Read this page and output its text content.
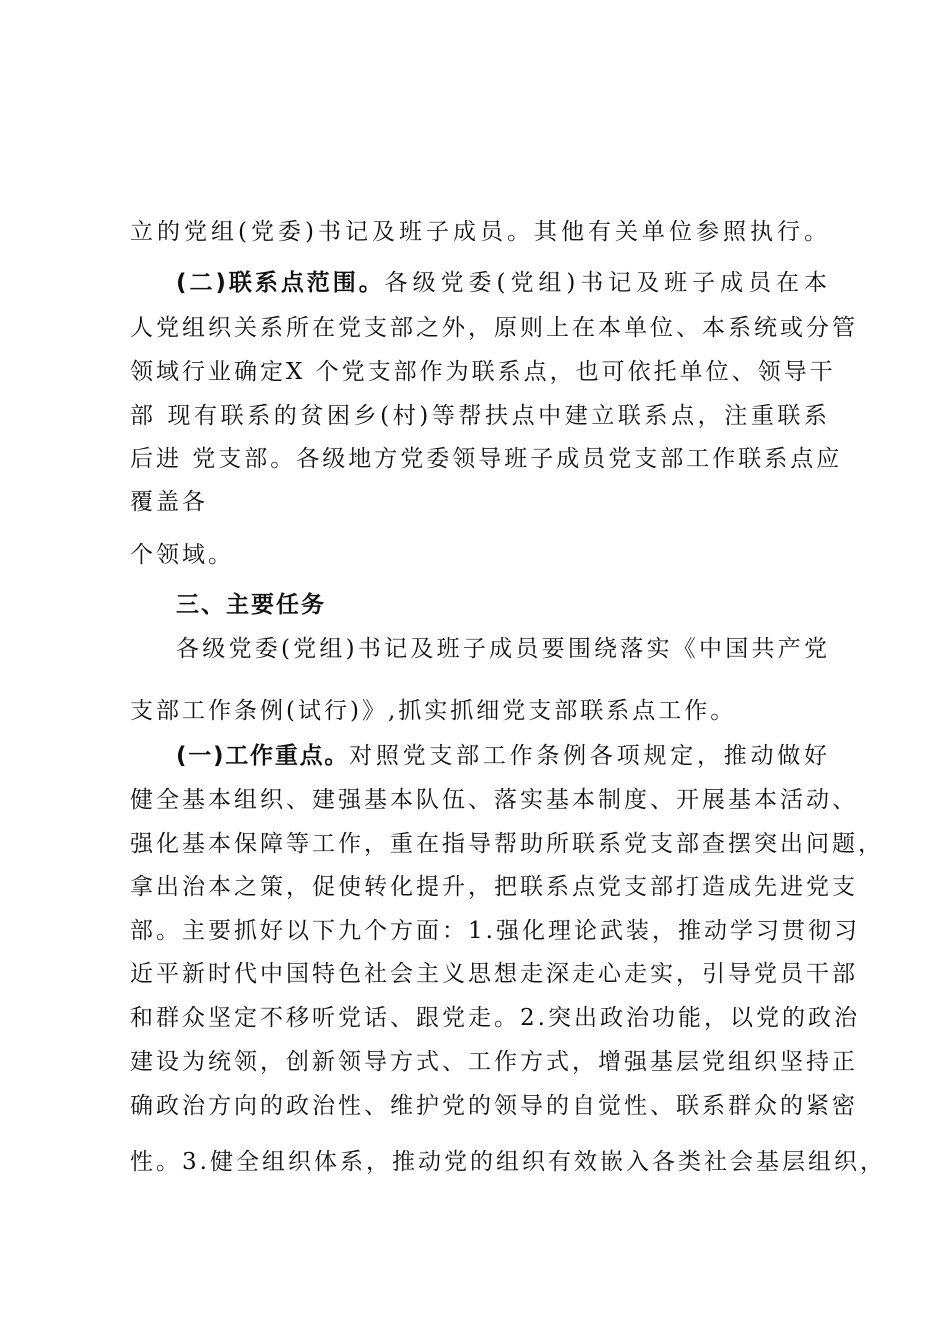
立的党组(党委)书记及班子成员。其他有关单位参照执行。
(二)联系点范围。各级党委(党组)书记及班子成员在本
人党组织关系所在党支部之外，原则上在本单位、本系统或分管
领域行业确定X 个党支部作为联系点，也可依托单位、领导干
部 现有联系的贫困乡(村)等帮扶点中建立联系点，注重联系
后进 党支部。各级地方党委领导班子成员党支部工作联系点应
覆盖各
个领域。
三、主要任务
各级党委(党组)书记及班子成员要围绕落实《中国共产党
支部工作条例(试行)》,抓实抓细党支部联系点工作。
(一)工作重点。对照党支部工作条例各项规定，推动做好
健全基本组织、建强基本队伍、落实基本制度、开展基本活动、
强化基本保障等工作，重在指导帮助所联系党支部查摆突出问题，
拿出治本之策，促使转化提升，把联系点党支部打造成先进党支
部。主要抓好以下九个方面：1.强化理论武装，推动学习贯彻习
近平新时代中国特色社会主义思想走深走心走实，引导党员干部
和群众坚定不移听党话、跟党走。2.突出政治功能，以党的政治
建设为统领，创新领导方式、工作方式，增强基层党组织坚持正
确政治方向的政治性、维护党的领导的自觉性、联系群众的紧密
性。3.健全组织体系，推动党的组织有效嵌入各类社会基层组织，
